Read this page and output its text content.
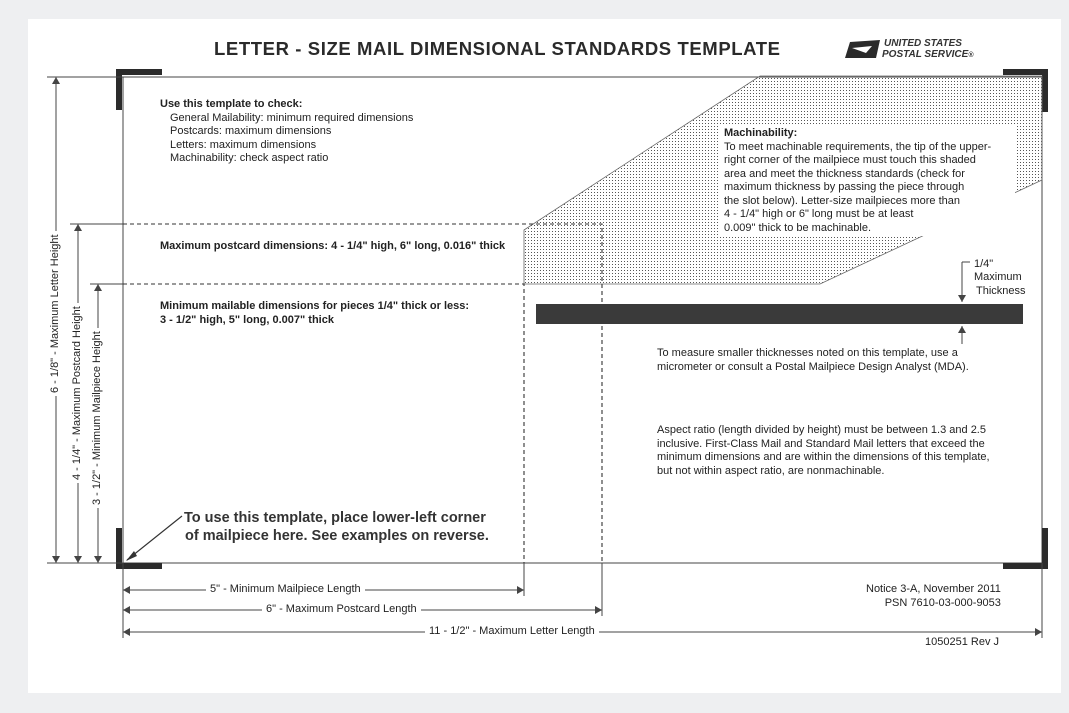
LETTER - SIZE MAIL DIMENSIONAL STANDARDS TEMPLATE	UNITED STATES
POSTAL SERVICE®
Use this template to check:
General Mailability: minimum required dimensions
Postcards: maximum dimensions
Letters: maximum dimensions
Machinability: check aspect ratio
Machinability:
To meet machinable requirements, the tip of the upper-
right corner of the mailpiece must touch this shaded
area and meet the thickness standards (check for
maximum thickness by passing the piece through
the slot below). Letter-size mailpieces more than
4 - 1/4" high or 6" long must be at least
0.009" thick to be machinable.
Maximum postcard dimensions: 4 - 1/4" high, 6" long, 0.016" thick
Minimum mailable dimensions for pieces 1/4" thick or less:
3 - 1/2" high, 5" long, 0.007" thick
1/4"
Maximum
Thickness
To measure smaller thicknesses noted on this template, use a
micrometer or consult a Postal Mailpiece Design Analyst (MDA).
Aspect ratio (length divided by height) must be between 1.3 and 2.5
inclusive. First-Class Mail and Standard Mail letters that exceed the
minimum dimensions and are within the dimensions of this template,
but not within aspect ratio, are nonmachinable.
To use this template, place lower-left corner
of mailpiece here. See examples on reverse.
5" - Minimum Mailpiece Length
6" - Maximum Postcard Length
11 - 1/2" - Maximum Letter Length
6 - 1/8" - Maximum Letter Height 4 - 1/4" - Maximum Postcard Height 3 - 1/2" - Minimum Mailpiece Height
Notice 3-A, November 2011
PSN 7610-03-000-9053
1050251 Rev J
